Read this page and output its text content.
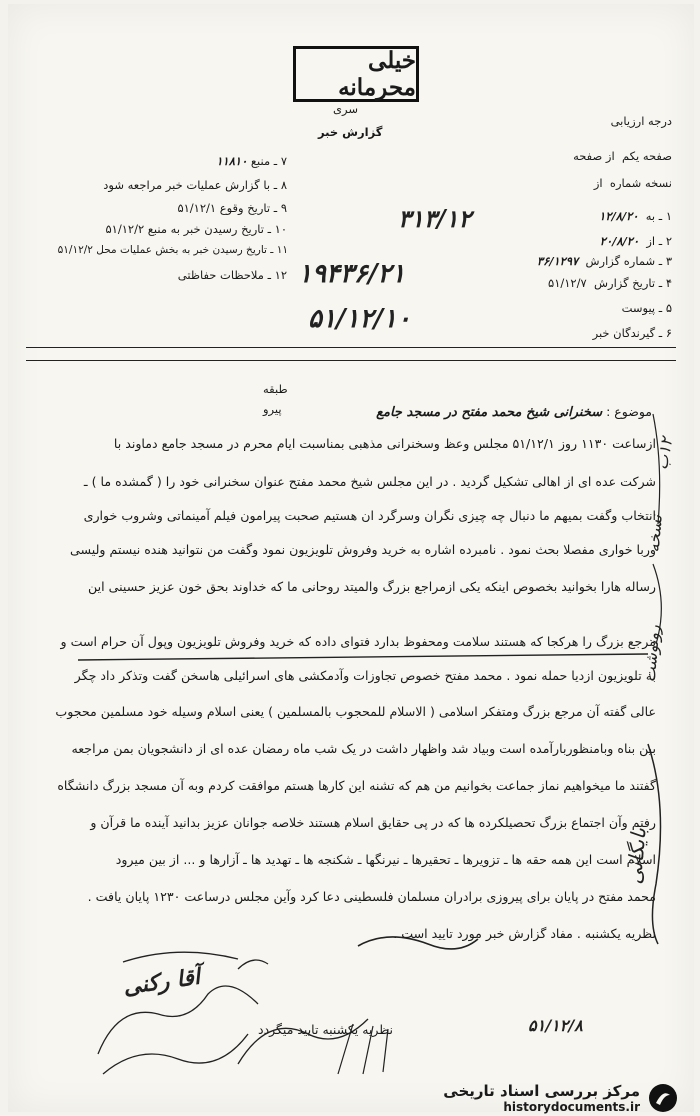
درجه ارزیابی
خیلی محرمانه
سری
گزارش خبر
صفحه یکم  از صفحه
نسخه شماره  از
۱ ـ به  ۱۲/۸/۲۰
۲ ـ از  ۲۰/۸/۲۰
۳ ـ شماره گزارش  ۳۶/۱۲۹۷
۴ ـ تاریخ گزارش  ۵۱/۱۲/۷
۵ ـ پیوست
۶ ـ گیرندگان خبر
۷ ـ منبع ۱۱۸۱۰
۸ ـ با گزارش عملیات خبر مراجعه شود
۹ ـ تاریخ وقوع ۵۱/۱۲/۱
۱۰ ـ تاریخ رسیدن خبر به منبع ۵۱/۱۲/۲
۱۱ ـ تاریخ رسیدن خبر به بخش عملیات محل ۵۱/۱۲/۲
۱۲ ـ ملاحظات حفاظتی ۱۹۴۳۶/۲۱
۳۱۳/۱۲
۵۱/۱۲/۱۰
طبقه
پیرو	موضوع : سخنرانی شیخ محمد مفتح در مسجد جامع
ازساعت ۱۱۳۰ روز ۵۱/۱۲/۱ مجلس وعظ وسخنرانی مذهبی بمناسبت ایام محرم در مسجد جامع دماوند با
شرکت عده ای از اهالی تشکیل گردید . در این مجلس شیخ محمد مفتح عنوان سخنرانی خود را ( گمشده ما ) ـ
انتخاب وگفت بمیهم ما دنبال چه چیزی نگران وسرگرد ان هستیم صحبت پیرامون فیلم آمینماتی وشروب خواری
وربا خواری مفصلا بحث نمود . نامبرده اشاره به خرید وفروش تلویزیون نمود وگفت من نتوانید هنده نیستم ولیسی
رساله هارا بخوانید بخصوص اینکه یکی ازمراجع بزرگ والمیتد روحانی ما که خداوند بحق خون عزیز حسینی این
مرجع بزرگ را هرکجا که هستند سلامت ومحفوظ بدارد فتوای داده که خرید وفروش تلویزیون وپول آن حرام است و
به تلویزیون ازدیا حمله نمود . محمد مفتح خصوص تجاوزات وآدمکشی های اسرائیلی هاسخن گفت وتذکر داد چگر
عالی گفته آن مرجع بزرگ ومتفکر اسلامی ( الاسلام للمحجوب بالمسلمین ) یعنی اسلام وسیله خود مسلمین محجوب
بین بناه وبامنظوربارآمده است وبیاد شد واظهار داشت در یک شب ماه رمضان عده ای از دانشجویان بمن مراجعه
گفتند ما میخواهیم نماز جماعت بخوانیم من هم که تشنه این کارها هستم موافقت کردم وبه آن مسجد بزرگ دانشگاه
رفتم وآن اجتماع بزرگ تحصیلکرده ها که در پی حقایق اسلام هستند خلاصه جوانان عزیز بدانید آینده ما قرآن و
اسلام است این همه حقه ها ـ تزویرها ـ تحقیرها ـ نیرنگها ـ شکنجه ها ـ تهدید ها ـ آزارها و ... از بین میرود
محمد مفتح در پایان برای پیروزی برادران مسلمان فلسطینی دعا کرد وآین مجلس درساعت ۱۲۳۰ پایان یافت .
نظریه یکشنبه . مفاد گزارش خبر مورد تایید است .
۱۲ب
نسخه
رونوشت
بایگانی
نظریه یکشنبه تایید میگردد	۵۱/۱۲/۸
آقا رکنی
مرکز بررسی اسناد تاریخی
historydocuments.ir
